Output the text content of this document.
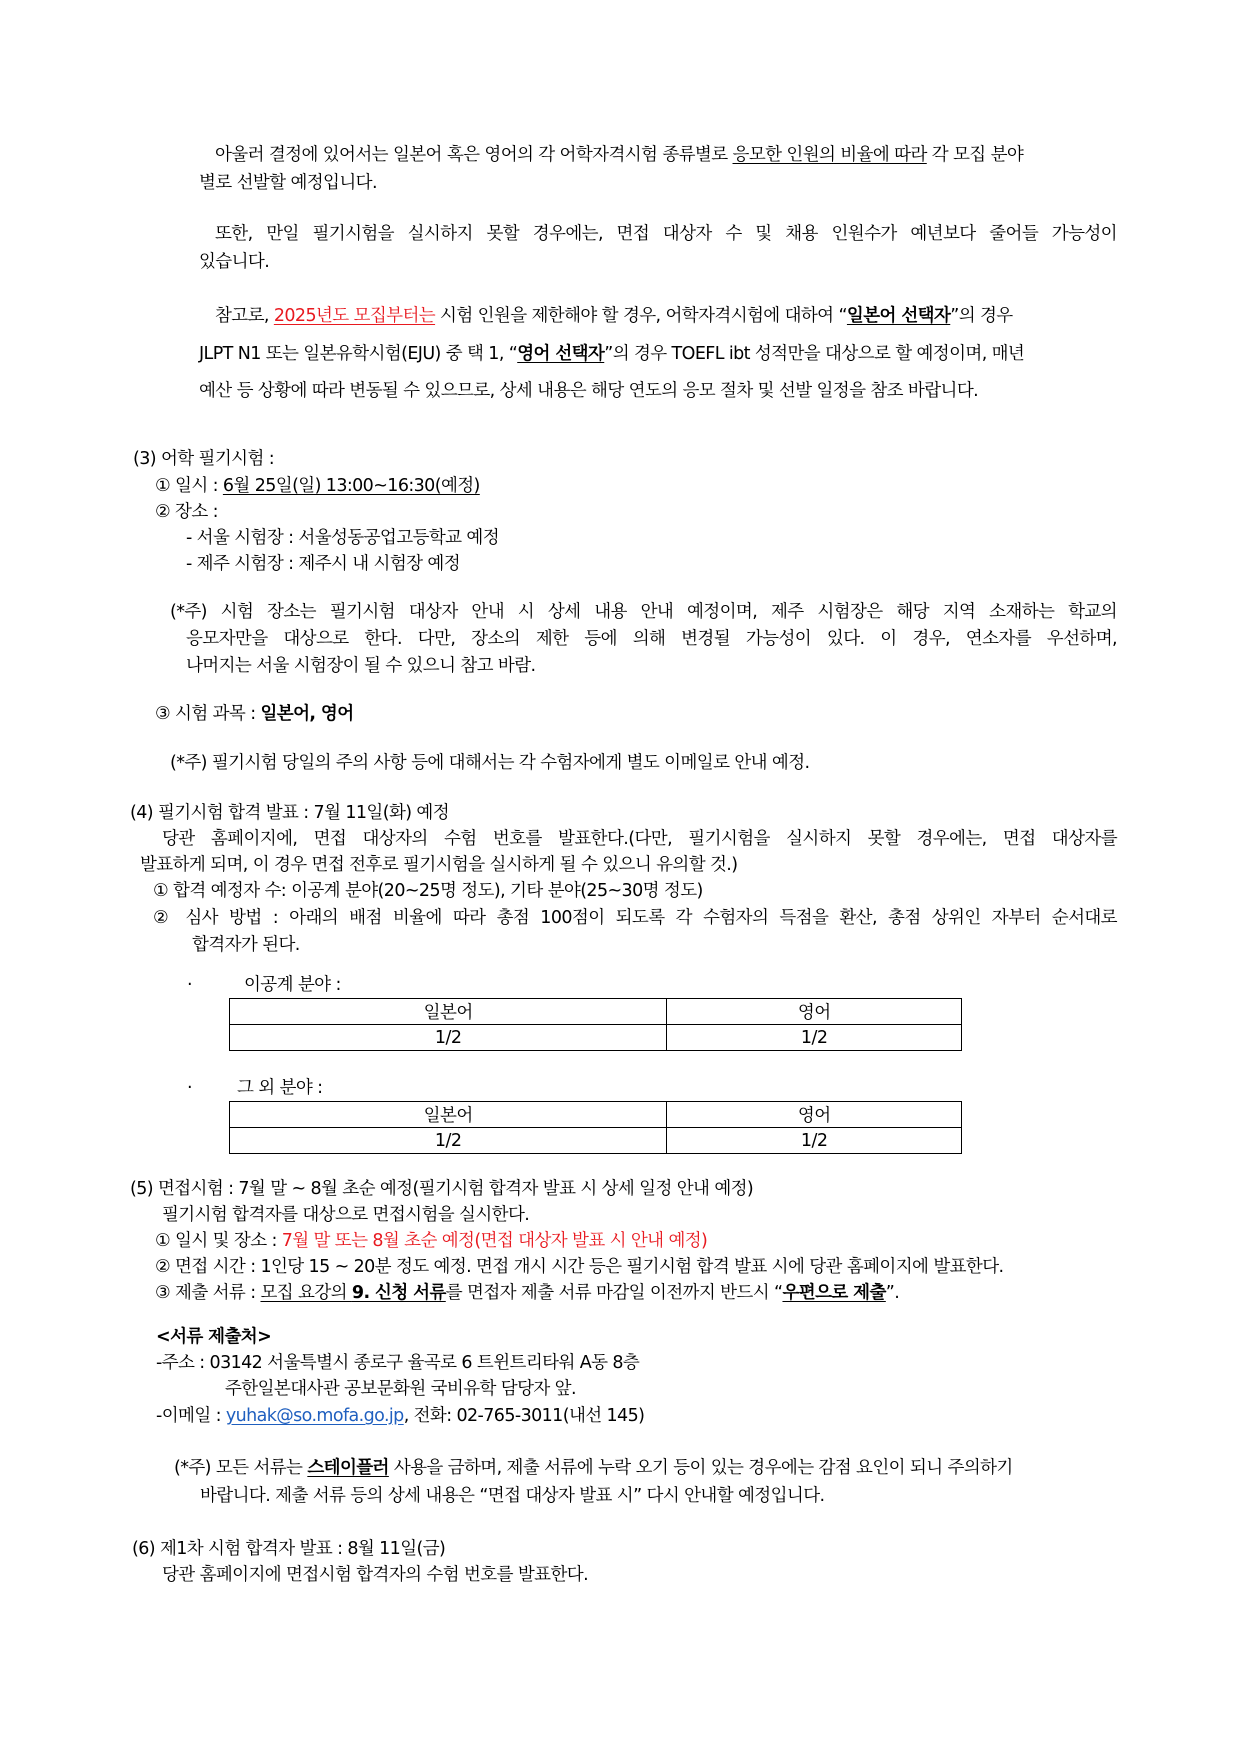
아울러 결정에 있어서는 일본어 혹은 영어의 각 어학자격시험 종류별로 응모한 인원의 비율에 따라 각 모집 분야
별로 선발할 예정입니다.
또한, 만일 필기시험을 실시하지 못할 경우에는, 면접 대상자 수 및 채용 인원수가 예년보다 줄어들 가능성이
있습니다.
참고로, 2025년도 모집부터는 시험 인원을 제한해야 할 경우, 어학자격시험에 대하여 “일본어 선택자”의 경우
JLPT N1 또는 일본유학시험(EJU) 중 택 1, “영어 선택자”의 경우 TOEFL ibt 성적만을 대상으로 할 예정이며, 매년
예산 등 상황에 따라 변동될 수 있으므로, 상세 내용은 해당 연도의 응모 절차 및 선발 일정을 참조 바랍니다.
(3) 어학 필기시험 :
① 일시 : 6월 25일(일) 13:00~16:30(예정)
② 장소 :
- 서울 시험장 : 서울성동공업고등학교 예정
- 제주 시험장 : 제주시 내 시험장 예정
(*주) 시험 장소는 필기시험 대상자 안내 시 상세 내용 안내 예정이며, 제주 시험장은 해당 지역 소재하는 학교의
응모자만을 대상으로 한다. 다만, 장소의 제한 등에 의해 변경될 가능성이 있다. 이 경우, 연소자를 우선하며,
나머지는 서울 시험장이 될 수 있으니 참고 바람.
③ 시험 과목 : 일본어, 영어
(*주) 필기시험 당일의 주의 사항 등에 대해서는 각 수험자에게 별도 이메일로 안내 예정.
(4) 필기시험 합격 발표 : 7월 11일(화) 예정
당관 홈페이지에, 면접 대상자의 수험 번호를 발표한다.(다만, 필기시험을 실시하지 못할 경우에는, 면접 대상자를
발표하게 되며, 이 경우 면접 전후로 필기시험을 실시하게 될 수 있으니 유의할 것.)
① 합격 예정자 수: 이공계 분야(20~25명 정도), 기타 분야(25~30명 정도)
② 심사 방법 : 아래의 배점 비율에 따라 총점 100점이 되도록 각 수험자의 득점을 환산, 총점 상위인 자부터 순서대로
합격자가 된다.
·	이공계 분야 :
일본어	영어
1/2	1/2
·	그 외 분야 :
일본어	영어
1/2	1/2
(5) 면접시험 : 7월 말 ~ 8월 초순 예정(필기시험 합격자 발표 시 상세 일정 안내 예정)
필기시험 합격자를 대상으로 면접시험을 실시한다.
① 일시 및 장소 : 7월 말 또는 8월 초순 예정(면접 대상자 발표 시 안내 예정)
② 면접 시간 : 1인당 15 ~ 20분 정도 예정. 면접 개시 시간 등은 필기시험 합격 발표 시에 당관 홈페이지에 발표한다.
③ 제출 서류 : 모집 요강의 9. 신청 서류를 면접자 제출 서류 마감일 이전까지 반드시 “우편으로 제출”.
<서류 제출처>
-주소 : 03142 서울특별시 종로구 율곡로 6 트윈트리타워 A동 8층
주한일본대사관 공보문화원 국비유학 담당자 앞.
-이메일 : yuhak@so.mofa.go.jp, 전화: 02-765-3011(내선 145)
(*주) 모든 서류는 스테이플러 사용을 금하며, 제출 서류에 누락 오기 등이 있는 경우에는 감점 요인이 되니 주의하기
바랍니다. 제출 서류 등의 상세 내용은 “면접 대상자 발표 시” 다시 안내할 예정입니다.
(6) 제1차 시험 합격자 발표 : 8월 11일(금)
당관 홈페이지에 면접시험 합격자의 수험 번호를 발표한다.
